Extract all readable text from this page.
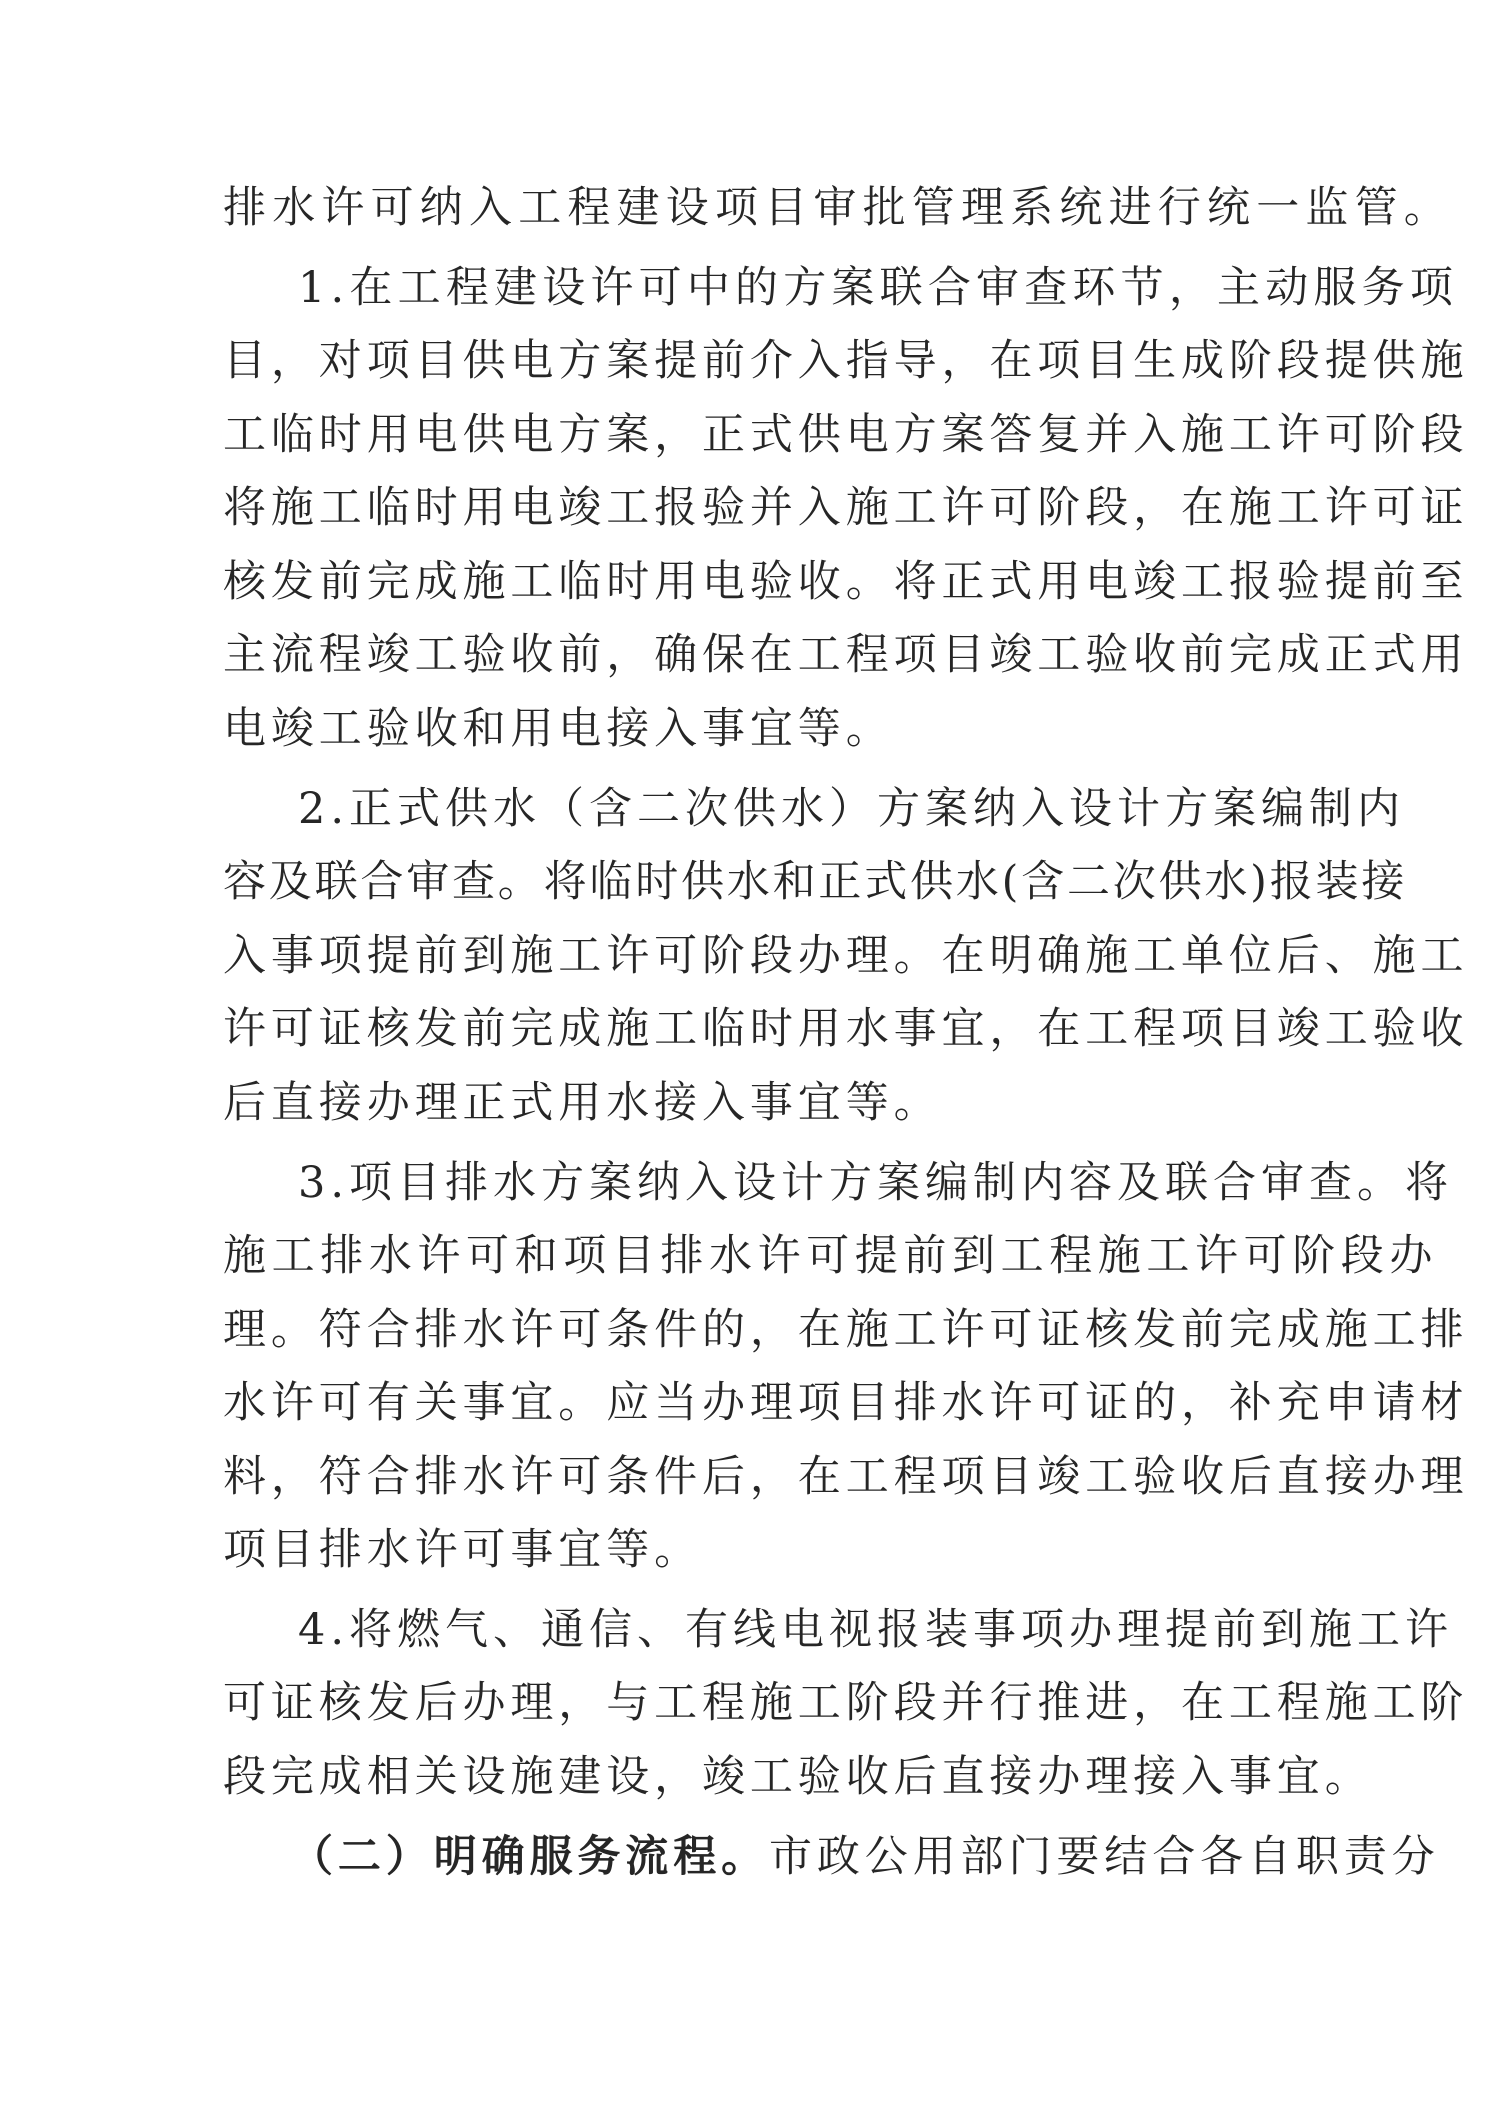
排水许可纳入工程建设项目审批管理系统进行统一监管。

1.在工程建设许可中的方案联合审查环节，主动服务项

目，对项目供电方案提前介入指导，在项目生成阶段提供施

工临时用电供电方案，正式供电方案答复并入施工许可阶段

将施工临时用电竣工报验并入施工许可阶段，在施工许可证

核发前完成施工临时用电验收。将正式用电竣工报验提前至

主流程竣工验收前，确保在工程项目竣工验收前完成正式用

电竣工验收和用电接入事宜等。

2.正式供水（含二次供水）方案纳入设计方案编制内

容及联合审查。将临时供水和正式供水(含二次供水)报装接

入事项提前到施工许可阶段办理。在明确施工单位后、施工

许可证核发前完成施工临时用水事宜，在工程项目竣工验收

后直接办理正式用水接入事宜等。

3.项目排水方案纳入设计方案编制内容及联合审查。将

施工排水许可和项目排水许可提前到工程施工许可阶段办

理。符合排水许可条件的，在施工许可证核发前完成施工排

水许可有关事宜。应当办理项目排水许可证的，补充申请材

料，符合排水许可条件后，在工程项目竣工验收后直接办理

项目排水许可事宜等。

4.将燃气、通信、有线电视报装事项办理提前到施工许

可证核发后办理，与工程施工阶段并行推进，在工程施工阶

段完成相关设施建设，竣工验收后直接办理接入事宜。

（二）明确服务流程。市政公用部门要结合各自职责分
